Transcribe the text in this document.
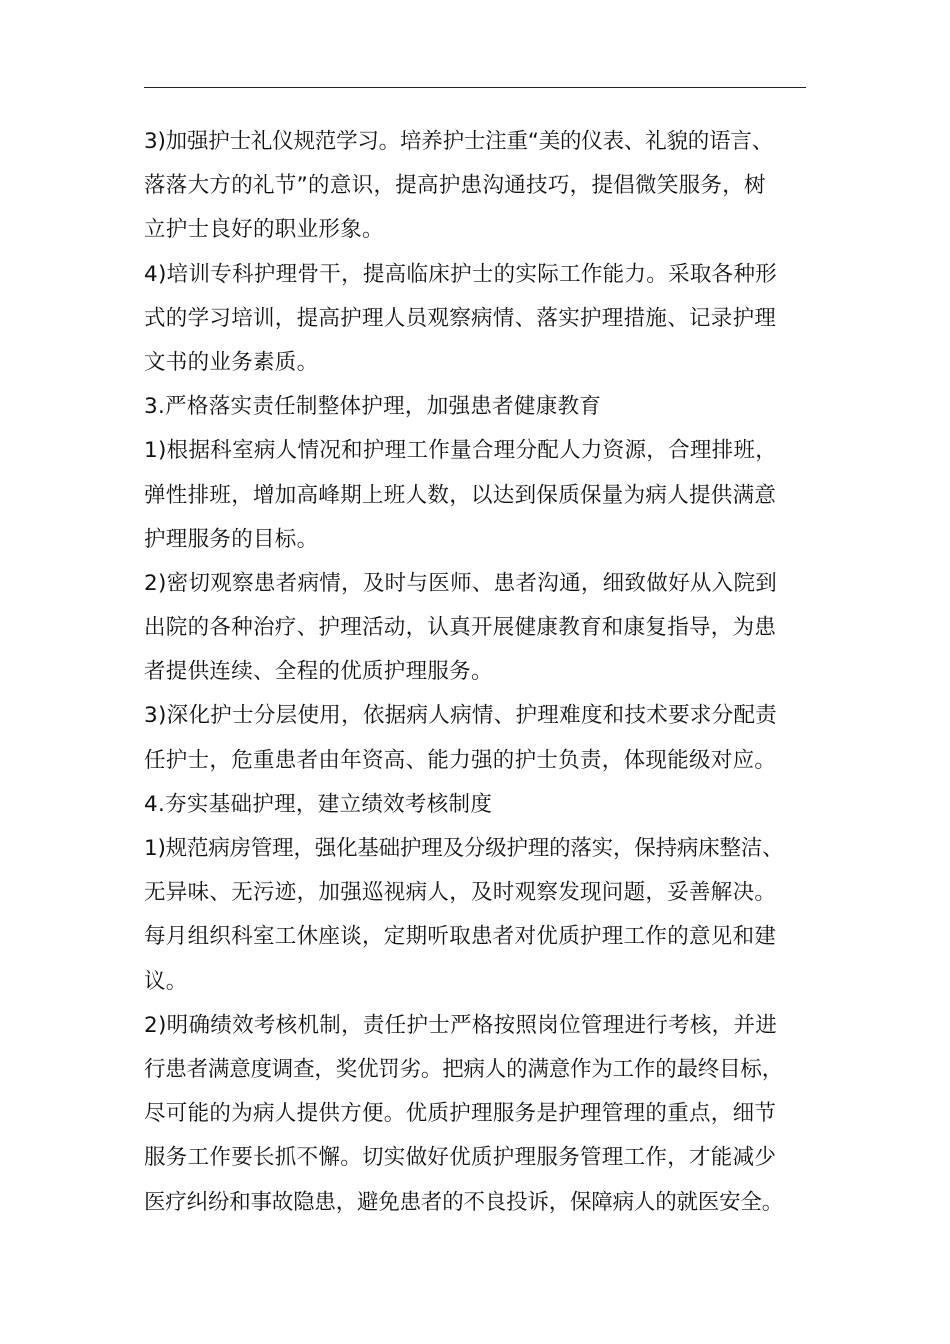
3)加强护士礼仪规范学习。培养护士注重“美的仪表、礼貌的语言、
落落大方的礼节”的意识，提高护患沟通技巧，提倡微笑服务，树
立护士良好的职业形象。
4)培训专科护理骨干，提高临床护士的实际工作能力。采取各种形
式的学习培训，提高护理人员观察病情、落实护理措施、记录护理
文书的业务素质。
3.严格落实责任制整体护理，加强患者健康教育
1)根据科室病人情况和护理工作量合理分配人力资源，合理排班，
弹性排班，增加高峰期上班人数，以达到保质保量为病人提供满意
护理服务的目标。
2)密切观察患者病情，及时与医师、患者沟通，细致做好从入院到
出院的各种治疗、护理活动，认真开展健康教育和康复指导，为患
者提供连续、全程的优质护理服务。
3)深化护士分层使用，依据病人病情、护理难度和技术要求分配责
任护士，危重患者由年资高、能力强的护士负责，体现能级对应。
4.夯实基础护理，建立绩效考核制度
1)规范病房管理，强化基础护理及分级护理的落实，保持病床整洁、
无异味、无污迹，加强巡视病人，及时观察发现问题，妥善解决。
每月组织科室工休座谈，定期听取患者对优质护理工作的意见和建
议。
2)明确绩效考核机制，责任护士严格按照岗位管理进行考核，并进
行患者满意度调查，奖优罚劣。把病人的满意作为工作的最终目标，
尽可能的为病人提供方便。优质护理服务是护理管理的重点，细节
服务工作要长抓不懈。切实做好优质护理服务管理工作，才能减少
医疗纠纷和事故隐患，避免患者的不良投诉，保障病人的就医安全。
